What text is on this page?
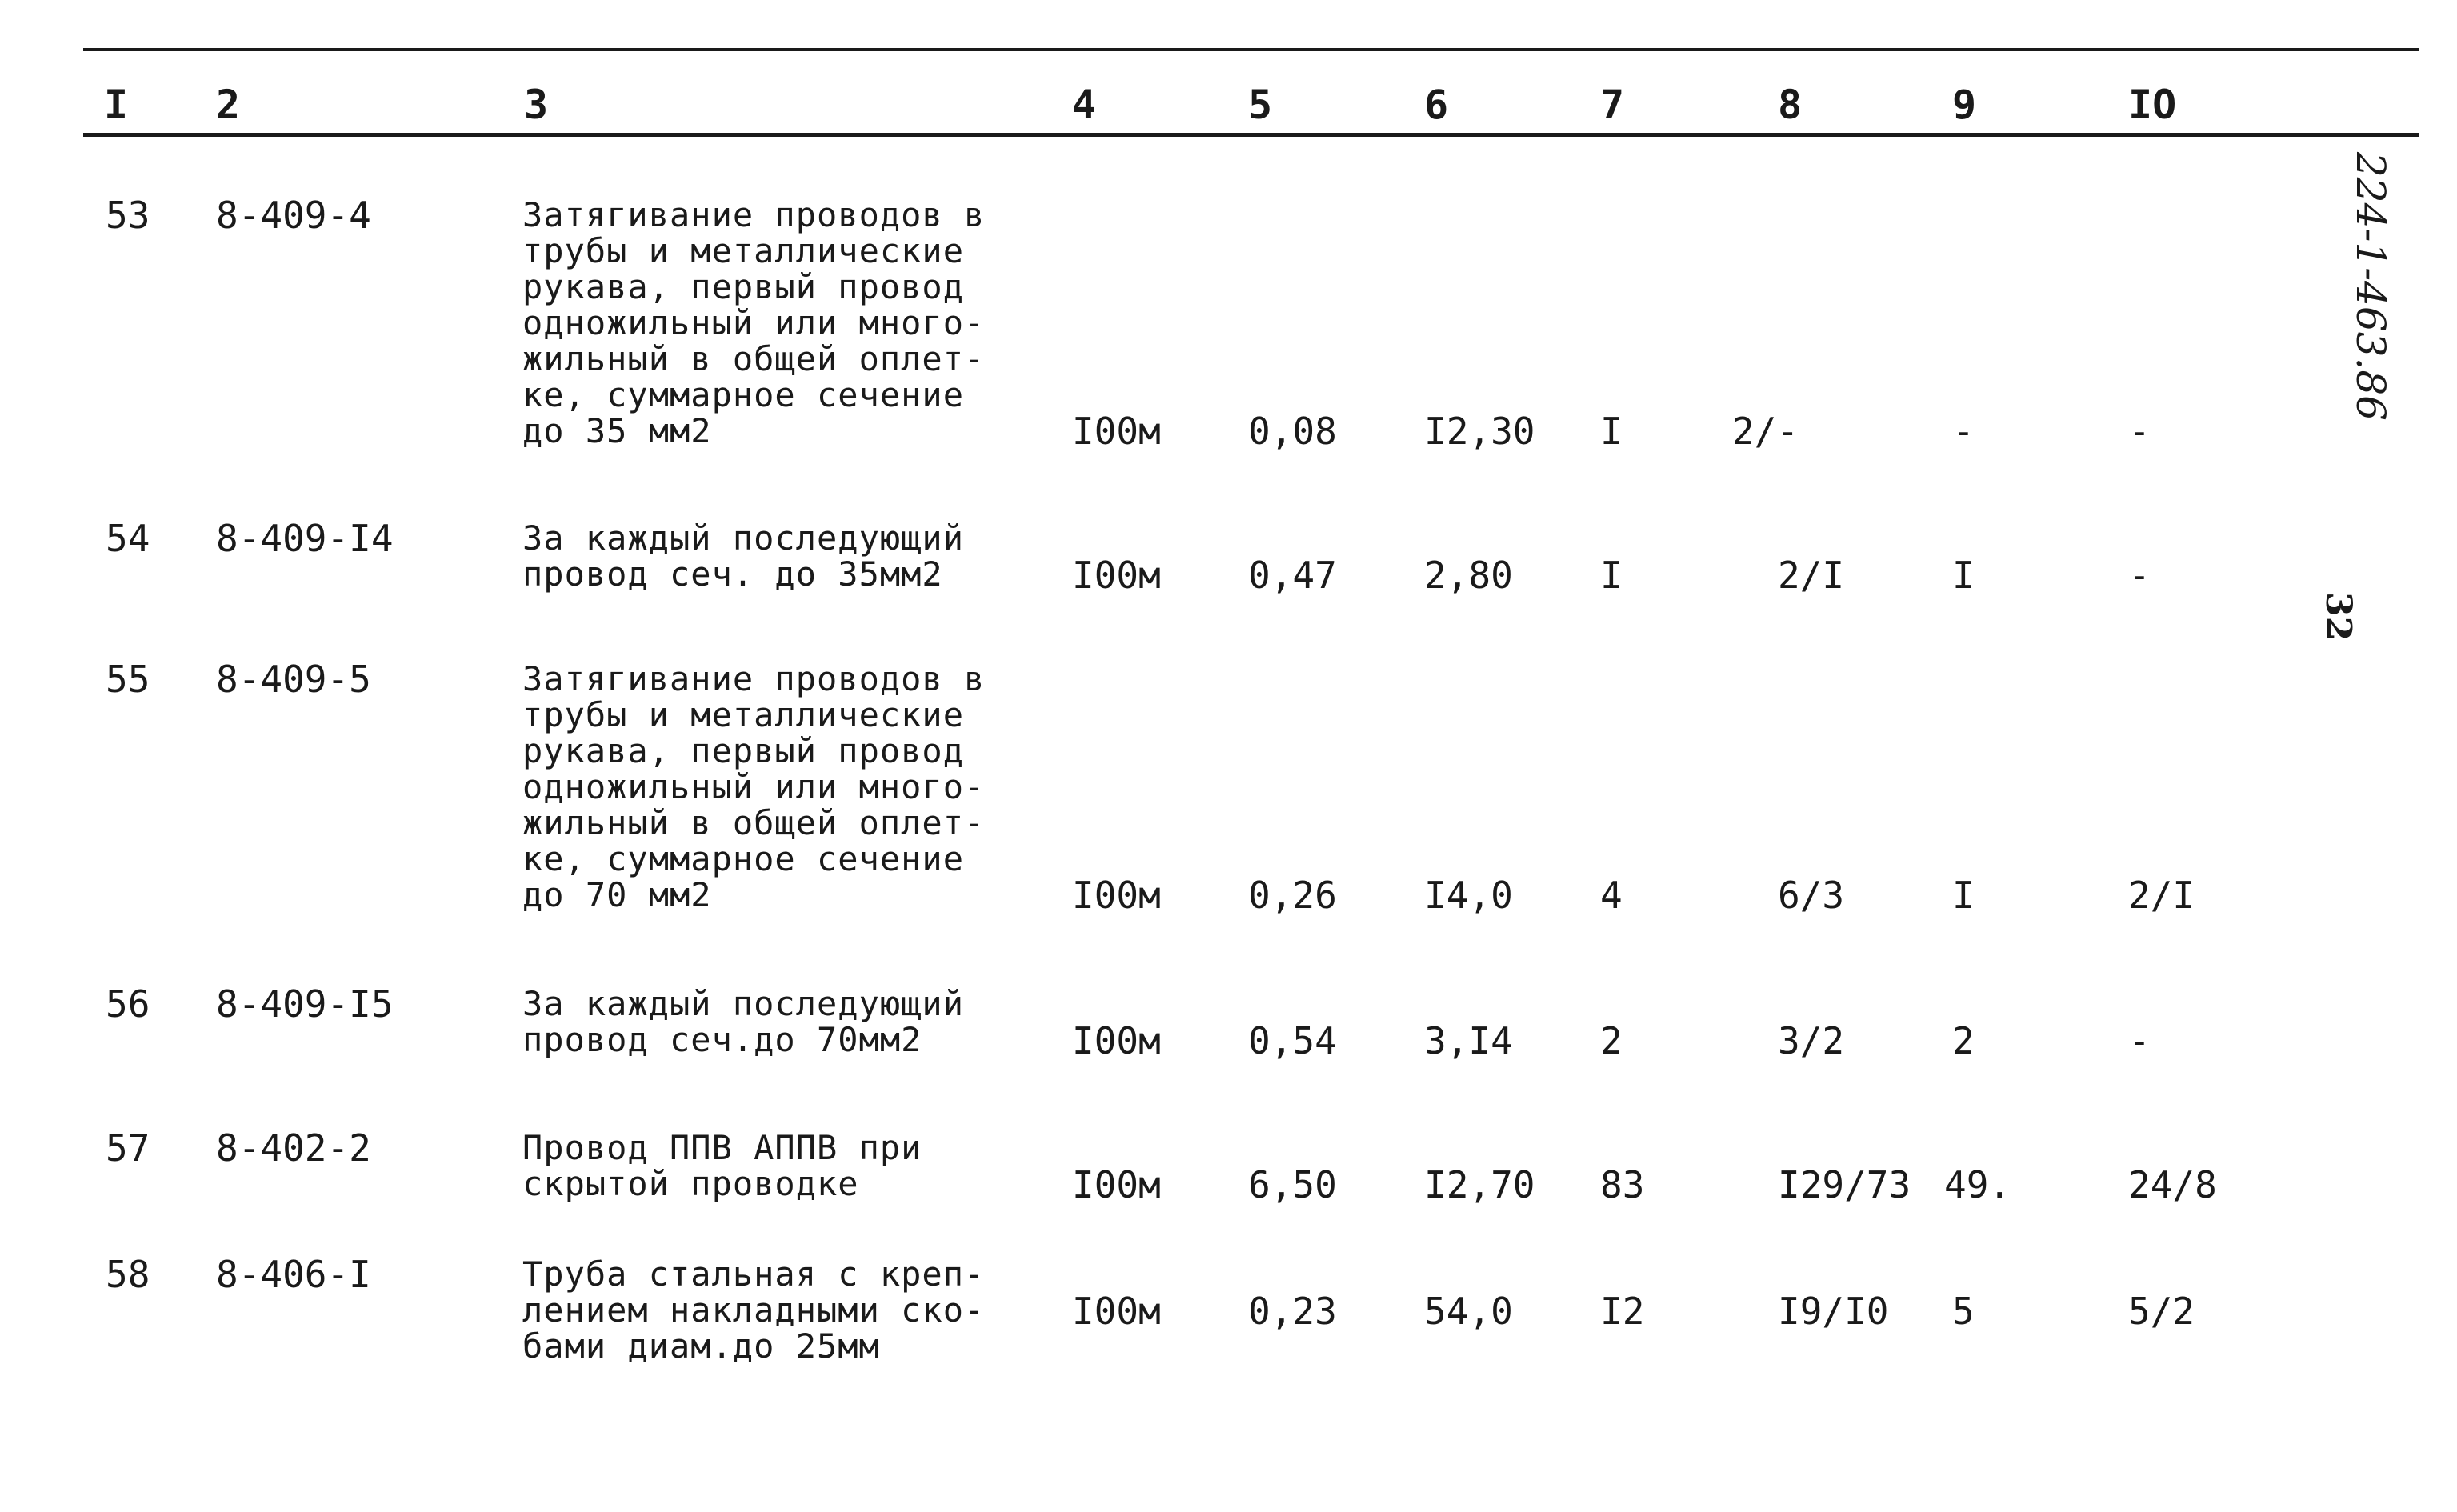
I 2	3	4	5	6	7	8	9	IO
53 8-409-4	Затягивание проводов в
трубы и металлические
рукава, первый провод
одножильный или много-
жильный в общей оплет-
ке, суммарное сечение
до 35 мм2	I00м 0,08 I2,30 I	2/-	-	-
54 8-409-I4	За каждый последующий
провод сеч. до 35мм2	I00м 0,47 2,80 I	2/I	I	-
55 8-409-5	Затягивание проводов в
трубы и металлические
рукава, первый провод
одножильный или много-
жильный в общей оплет-
ке, суммарное сечение
до 70 мм2	I00м 0,26 I4,0 4	6/3	I	2/I
56 8-409-I5	За каждый последующий
провод сеч.до 70мм2	I00м 0,54 3,I4 2	3/2	2	-
57 8-402-2	Провод ППВ АППВ при
скрытой проводке	I00м 6,50 I2,70 83	I29/73 49.	24/8
58 8-406-I	Труба стальная с креп-
лением накладными ско-
бами диам.до 25мм
I00м 0,23 54,0 I2	I9/I0 5	5/2
224-1-463.86
32
